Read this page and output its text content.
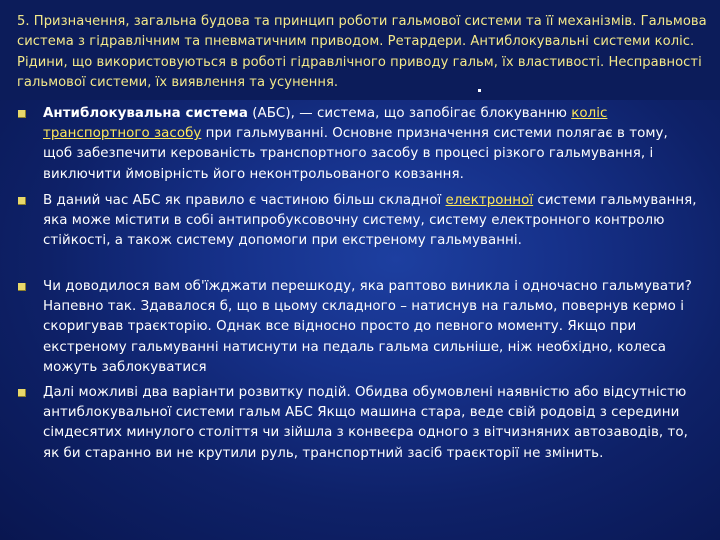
5. Призначення, загальна будова та принцип роботи гальмової системи та її механізмів. Гальмова система з гідравлічним та пневматичним приводом. Ретардери. Антиблокувальні системи коліс. Рідини, що використовуються в роботі гідравлічного приводу гальм, їх властивості. Несправності гальмової системи, їх виявлення та усунення.

Антиблокувальна система (АБС), — система, що запобігає блокуванню коліс транспортного засобу при гальмуванні. Основне призначення системи полягає в тому, щоб забезпечити керованість транспортного засобу в процесі різкого гальмування, і виключити ймовірність його неконтрольованого ковзання.

В даний час АБС як правило є частиною більш складної електронної системи гальмування, яка може містити в собі антипробуксовочну систему, систему електронного контролю стійкості, а також систему допомоги при екстреному гальмуванні.

Чи доводилося вам об'їжджати перешкоду, яка раптово виникла і одночасно гальмувати? Напевно так. Здавалося б, що в цьому складного – натиснув на гальмо, повернув кермо і скоригував траєкторію. Однак все відносно просто до певного моменту. Якщо при екстреному гальмуванні натиснути на педаль гальма сильніше, ніж необхідно, колеса можуть заблокуватися

Далі можливі два варіанти розвитку подій. Обидва обумовлені наявністю або відсутністю антиблокувальної системи гальм АБС Якщо машина стара, веде свій родовід з середини сімдесятих минулого століття чи зійшла з конвеєра одного з вітчизняних автозаводів, то, як би старанно ви не крутили руль, транспортний засіб траєкторії не змінить.
